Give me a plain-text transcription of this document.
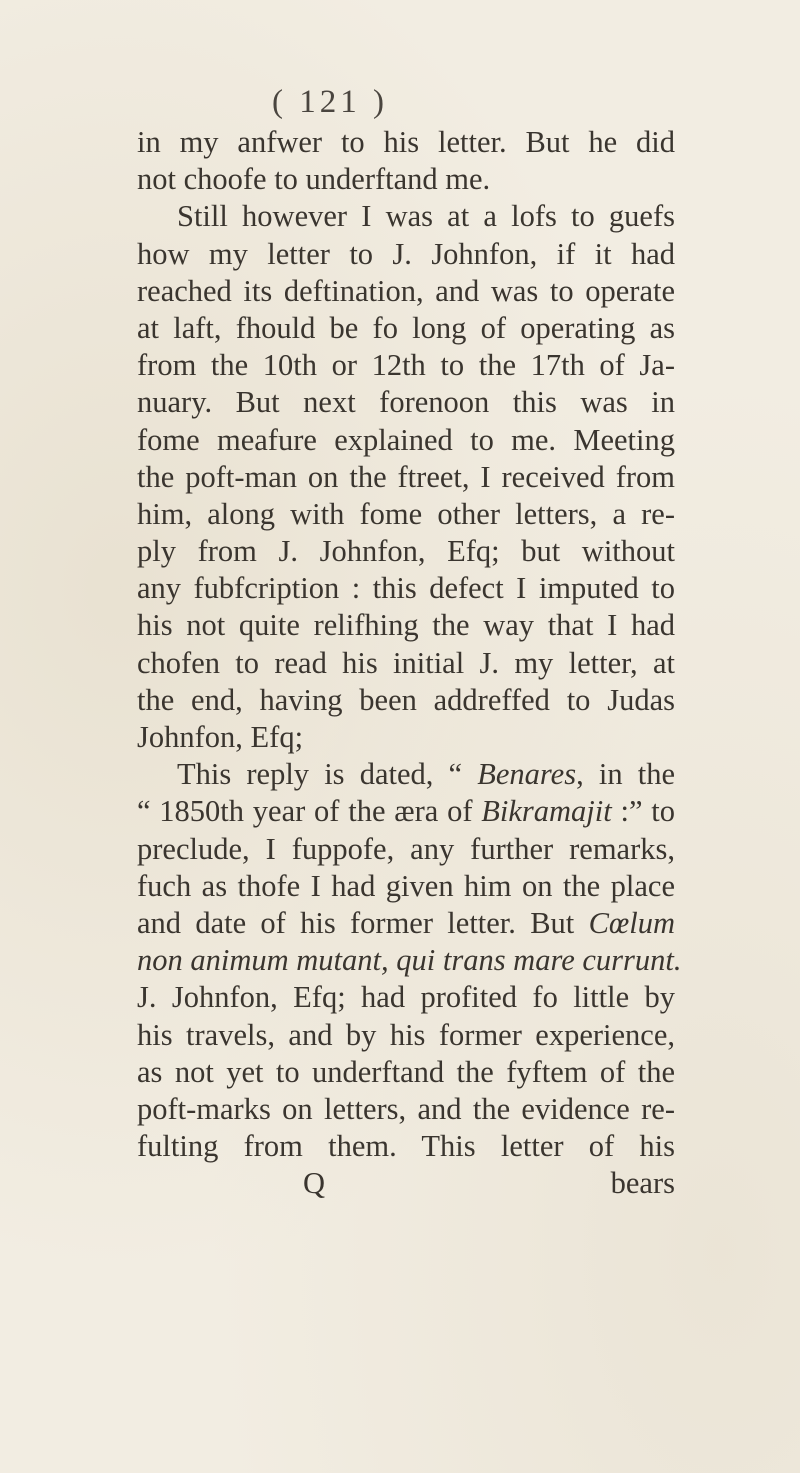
( 121 )
in my anfwer to his letter. But he did
not choofe to underftand me.
Still however I was at a lofs to guefs
how my letter to J. Johnfon, if it had
reached its deftination, and was to operate
at laft, fhould be fo long of operating as
from the 10th or 12th to the 17th of Ja-
nuary. But next forenoon this was in
fome meafure explained to me. Meeting
the poft-man on the ftreet, I received from
him, along with fome other letters, a re-
ply from J. Johnfon, Efq; but without
any fubfcription : this defect I imputed to
his not quite relifhing the way that I had
chofen to read his initial J. my letter, at
the end, having been addreffed to Judas
Johnfon, Efq;
This reply is dated, “ Benares, in the
“ 1850th year of the æra of Bikramajit :” to
preclude, I fuppofe, any further remarks,
fuch as thofe I had given him on the place
and date of his former letter. But Cœlum
non animum mutant, qui trans mare currunt.
J. Johnfon, Efq; had profited fo little by
his travels, and by his former experience,
as not yet to underftand the fyftem of the
poft-marks on letters, and the evidence re-
fulting from them. This letter of his
Q	bears
